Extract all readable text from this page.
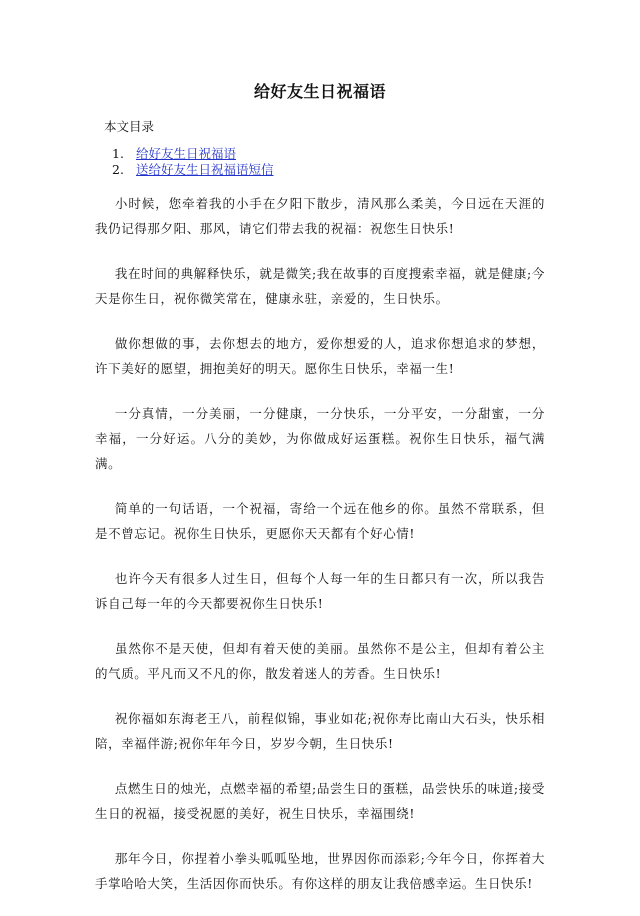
给好友生日祝福语
本文目录
1. 给好友生日祝福语
2. 送给好友生日祝福语短信

小时候，您牵着我的小手在夕阳下散步，清风那么柔美，今日远在天涯的我仍记得那夕阳、那风，请它们带去我的祝福：祝您生日快乐!

我在时间的典解释快乐，就是微笑;我在故事的百度搜索幸福，就是健康;今天是你生日，祝你微笑常在，健康永驻，亲爱的，生日快乐。

做你想做的事，去你想去的地方，爱你想爱的人，追求你想追求的梦想，许下美好的愿望，拥抱美好的明天。愿你生日快乐，幸福一生!

一分真情，一分美丽，一分健康，一分快乐，一分平安，一分甜蜜，一分幸福，一分好运。八分的美妙，为你做成好运蛋糕。祝你生日快乐，福气满满。

简单的一句话语，一个祝福，寄给一个远在他乡的你。虽然不常联系，但是不曾忘记。祝你生日快乐，更愿你天天都有个好心情!

也许今天有很多人过生日，但每个人每一年的生日都只有一次，所以我告诉自己每一年的今天都要祝你生日快乐!

虽然你不是天使，但却有着天使的美丽。虽然你不是公主，但却有着公主的气质。平凡而又不凡的你，散发着迷人的芳香。生日快乐!

祝你福如东海老王八，前程似锦，事业如花;祝你寿比南山大石头，快乐相陪，幸福伴游;祝你年年今日，岁岁今朝，生日快乐!

点燃生日的烛光，点燃幸福的希望;品尝生日的蛋糕，品尝快乐的味道;接受生日的祝福，接受祝愿的美好，祝生日快乐，幸福围绕!

那年今日，你捏着小拳头呱呱坠地，世界因你而添彩;今年今日，你挥着大手掌哈哈大笑，生活因你而快乐。有你这样的朋友让我倍感幸运。生日快乐!
